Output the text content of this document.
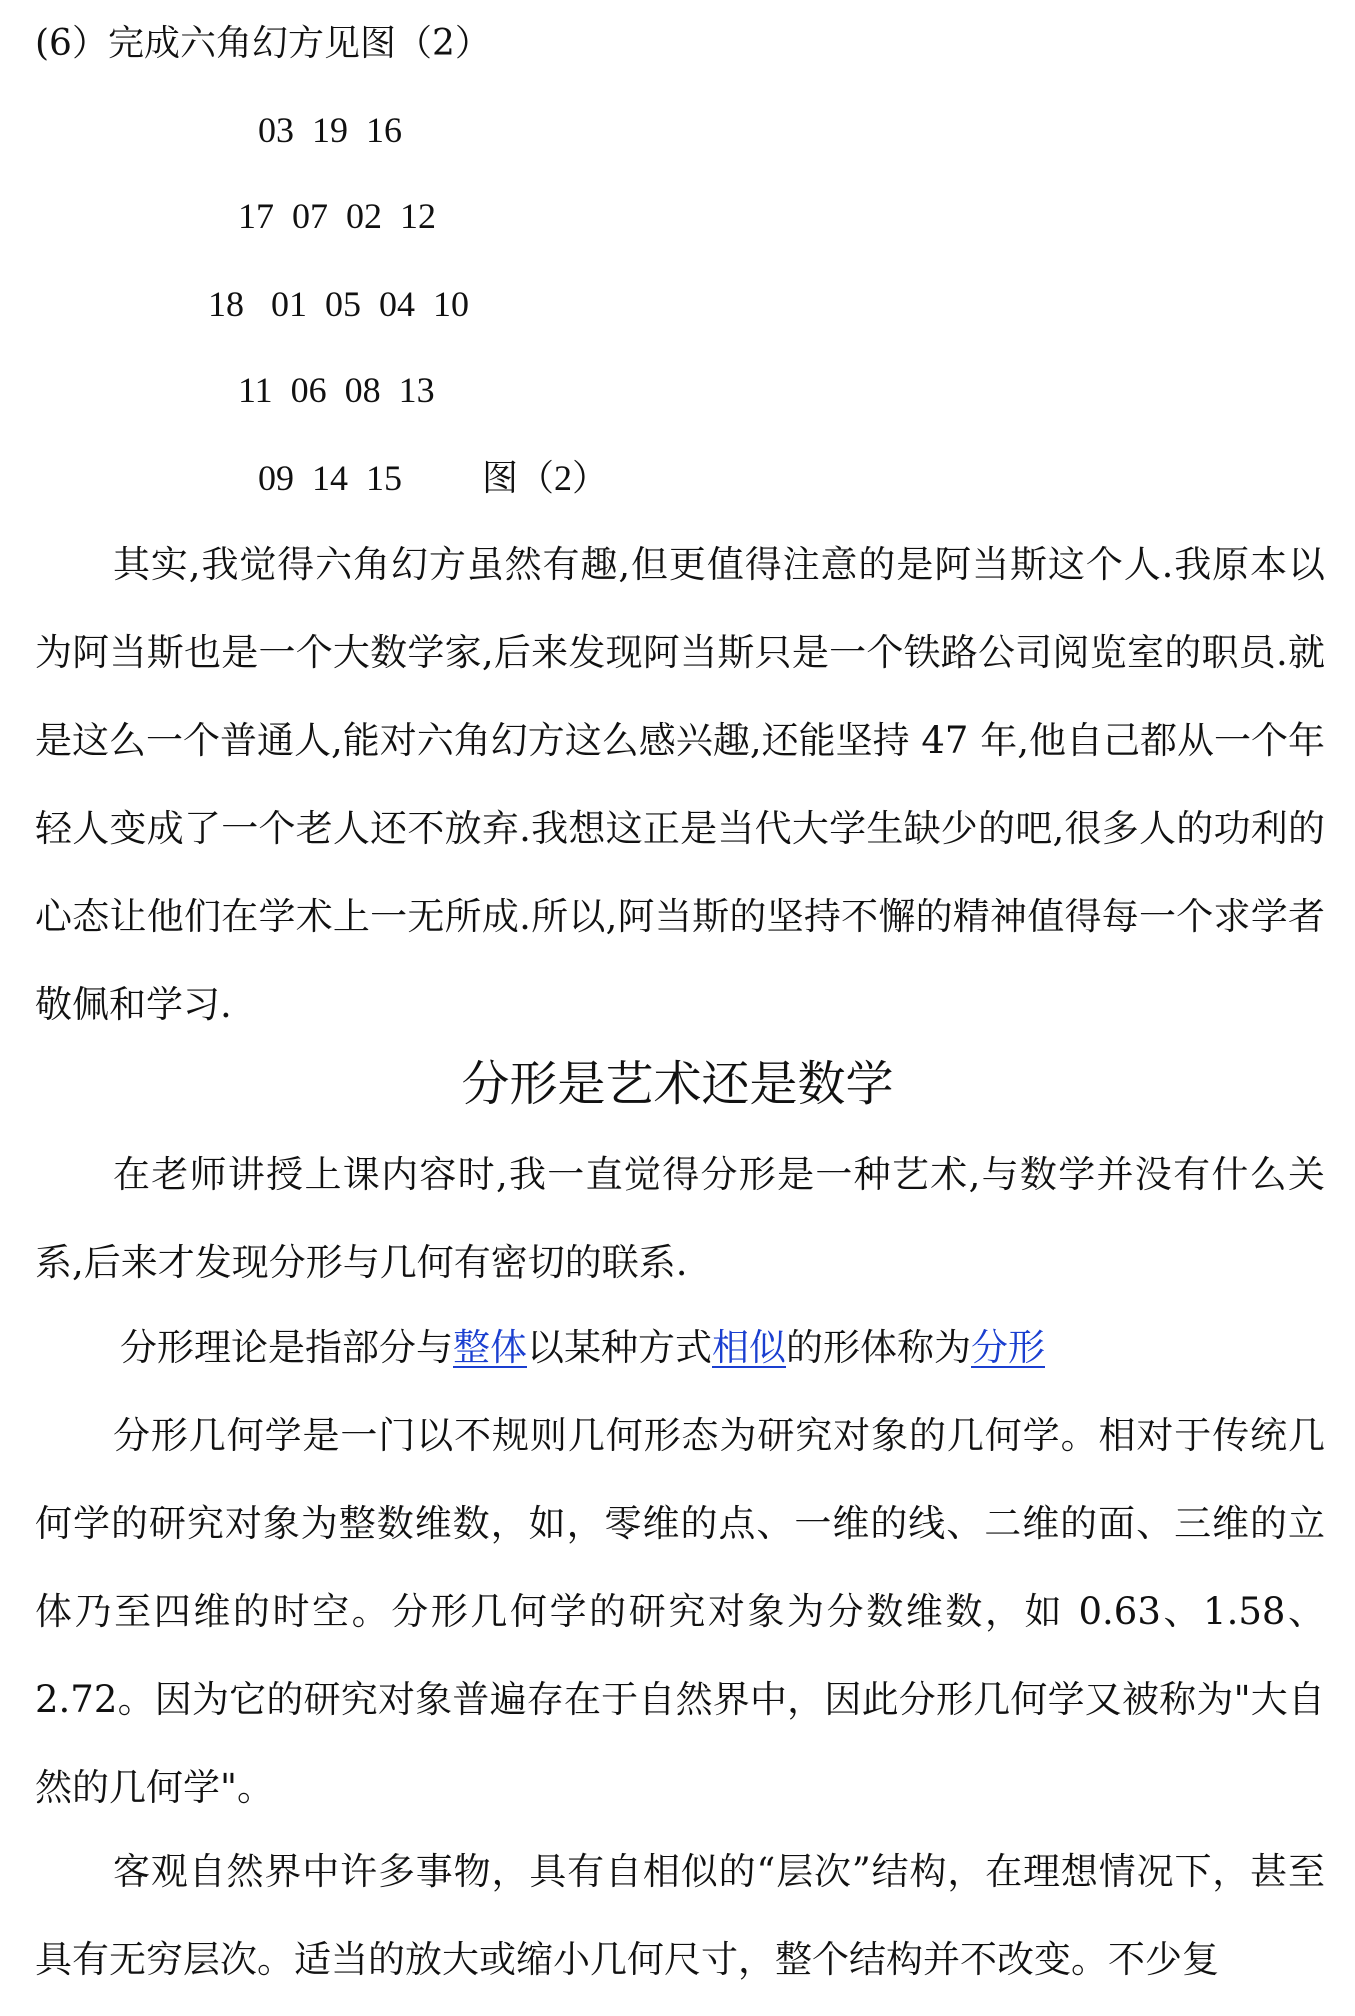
(6）完成六角幻方见图（2）
03  19  16
17  07  02  12
18   01  05  04  10
11  06  08  13
09  14  15 图（2）
其实,我觉得六角幻方虽然有趣,但更值得注意的是阿当斯这个人.我原本以为阿当斯也是一个大数学家,后来发现阿当斯只是一个铁路公司阅览室的职员.就是这么一个普通人,能对六角幻方这么感兴趣,还能坚持 47 年,他自己都从一个年轻人变成了一个老人还不放弃.我想这正是当代大学生缺少的吧,很多人的功利的心态让他们在学术上一无所成.所以,阿当斯的坚持不懈的精神值得每一个求学者敬佩和学习.
分形是艺术还是数学
在老师讲授上课内容时,我一直觉得分形是一种艺术,与数学并没有什么关系,后来才发现分形与几何有密切的联系.
分形理论是指部分与整体以某种方式相似的形体称为分形
分形几何学是一门以不规则几何形态为研究对象的几何学。相对于传统几何学的研究对象为整数维数，如，零维的点、一维的线、二维的面、三维的立体乃至四维的时空。分形几何学的研究对象为分数维数，如 0.63、1.58、2.72。因为它的研究对象普遍存在于自然界中，因此分形几何学又被称为"大自然的几何学"。
客观自然界中许多事物，具有自相似的“层次”结构，在理想情况下，甚至具有无穷层次。适当的放大或缩小几何尺寸，整个结构并不改变。不少复
